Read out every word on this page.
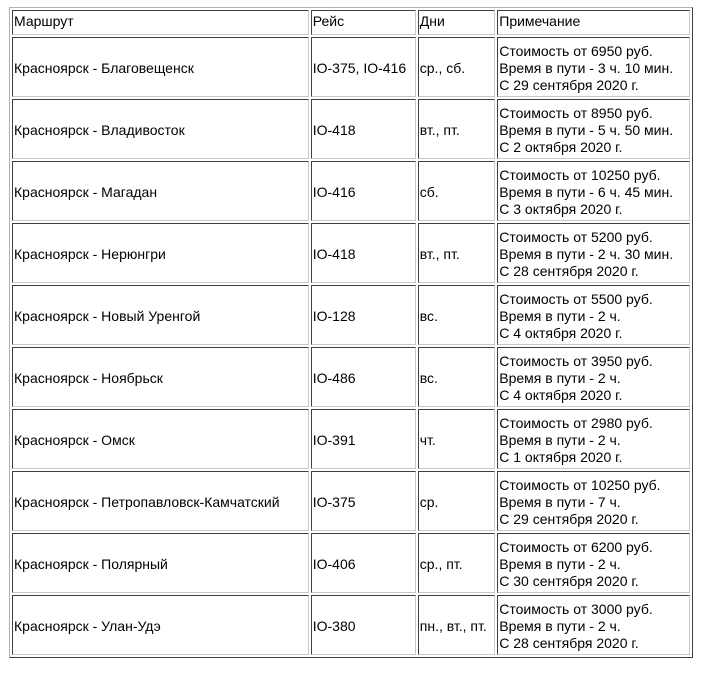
Маршрут	Рейс	Дни	Примечание
Красноярск - Благовещенск	IO-375, IO-416	ср., сб.	Стоимость от 6950 руб.
Время в пути - 3 ч. 10 мин.
С 29 сентября 2020 г.

Красноярск - Владивосток	IO-418	вт., пт.	Стоимость от 8950 руб.
Время в пути - 5 ч. 50 мин.
С 2 октября 2020 г.

Красноярск - Магадан	IO-416	сб.	Стоимость от 10250 руб.
Время в пути - 6 ч. 45 мин.
С 3 октября 2020 г.

Красноярск - Нерюнгри	IO-418	вт., пт.	Стоимость от 5200 руб.
Время в пути - 2 ч. 30 мин.
С 28 сентября 2020 г.

Красноярск - Новый Уренгой	IO-128	вс.	Стоимость от 5500 руб.
Время в пути - 2 ч.
С 4 октября 2020 г.

Красноярск - Ноябрьск	IO-486	вс.	Стоимость от 3950 руб.
Время в пути - 2 ч.
С 4 октября 2020 г.

Красноярск - Омск	IO-391	чт.	Стоимость от 2980 руб.
Время в пути - 2 ч.
С 1 октября 2020 г.

Красноярск - Петропавловск-Камчатский	IO-375	ср.	Стоимость от 10250 руб.
Время в пути - 7 ч.
С 29 сентября 2020 г.

Красноярск - Полярный	IO-406	ср., пт.	Стоимость от 6200 руб.
Время в пути - 2 ч.
С 30 сентября 2020 г.

Красноярск - Улан-Удэ	IO-380	пн., вт., пт.	Стоимость от 3000 руб.
Время в пути - 2 ч.
С 28 сентября 2020 г.
